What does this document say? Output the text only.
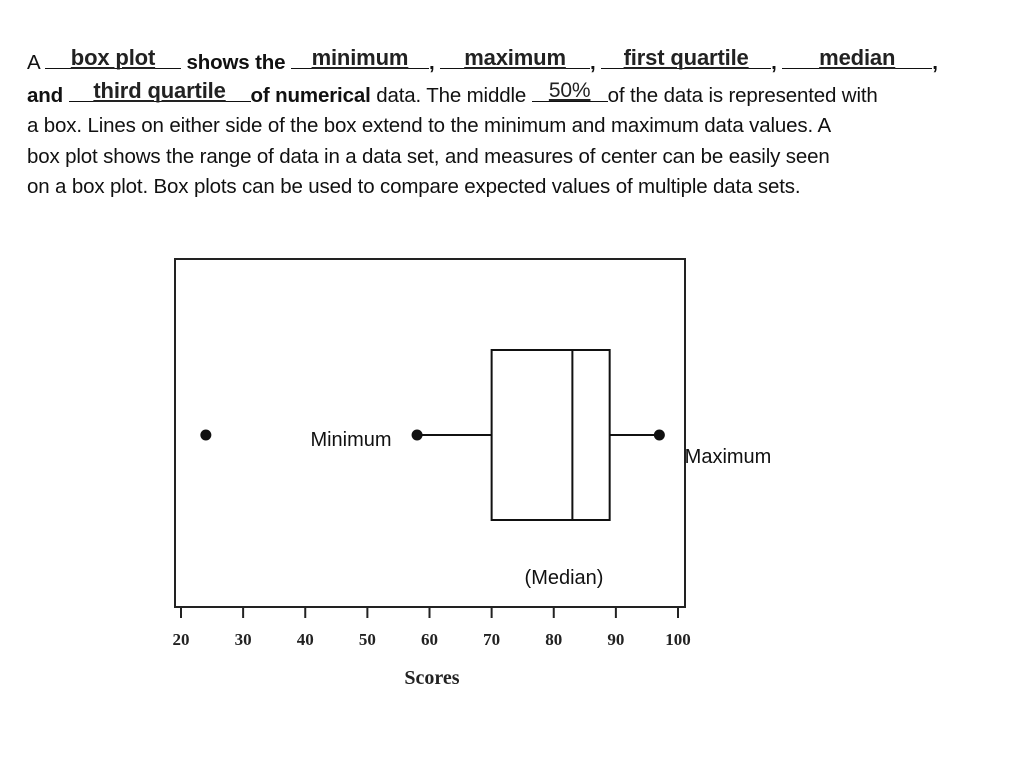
A	box plot	shows the	minimum	,	maximum	,	first quartile	,	median	,
and	third quartile	of numerical data. The middle	50% of the data is represented with
a box. Lines on either side of the box extend to the minimum and maximum data values. A
box plot shows the range of data in a data set, and measures of center can be easily seen
on a box plot. Box plots can be used to compare expected values of multiple data sets.
20	30	40	50	60	70	80	90 100
Minimum
Maximum
(Median)
Scores
